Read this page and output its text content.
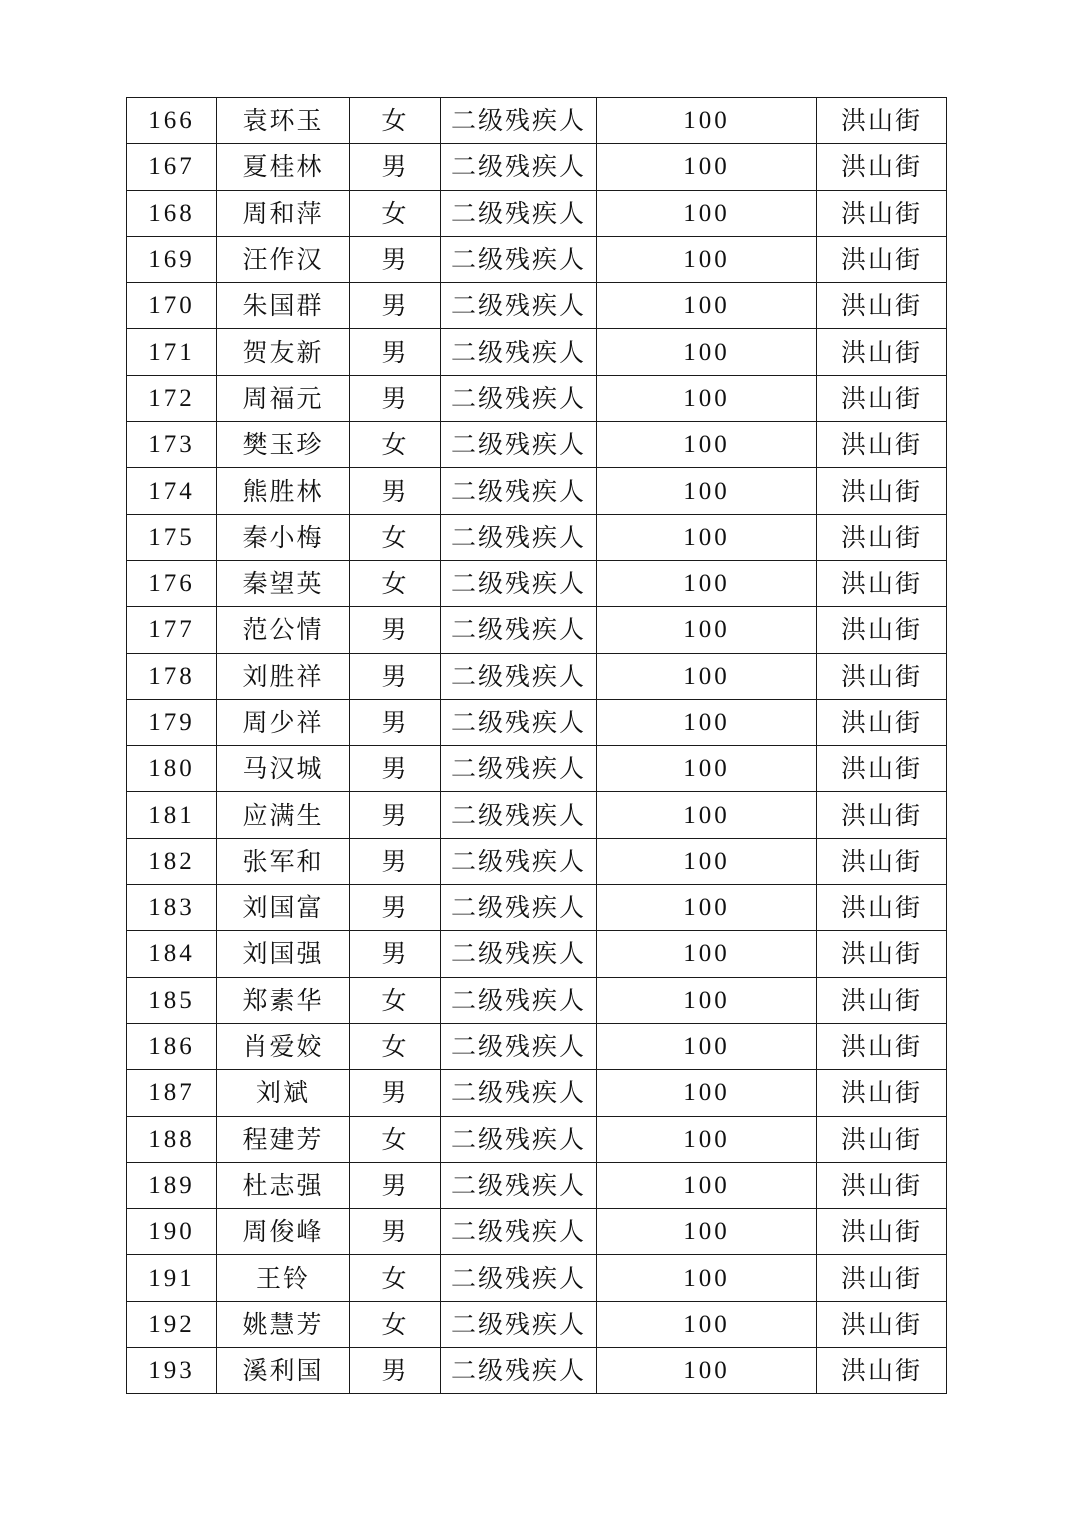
166	袁环玉	女	二级残疾人	100	洪山街
167	夏桂林	男	二级残疾人	100	洪山街
168	周和萍	女	二级残疾人	100	洪山街
169	汪作汉	男	二级残疾人	100	洪山街
170	朱国群	男	二级残疾人	100	洪山街
171	贺友新	男	二级残疾人	100	洪山街
172	周福元	男	二级残疾人	100	洪山街
173	樊玉珍	女	二级残疾人	100	洪山街
174	熊胜林	男	二级残疾人	100	洪山街
175	秦小梅	女	二级残疾人	100	洪山街
176	秦望英	女	二级残疾人	100	洪山街
177	范公情	男	二级残疾人	100	洪山街
178	刘胜祥	男	二级残疾人	100	洪山街
179	周少祥	男	二级残疾人	100	洪山街
180	马汉城	男	二级残疾人	100	洪山街
181	应满生	男	二级残疾人	100	洪山街
182	张军和	男	二级残疾人	100	洪山街
183	刘国富	男	二级残疾人	100	洪山街
184	刘国强	男	二级残疾人	100	洪山街
185	郑素华	女	二级残疾人	100	洪山街
186	肖爱姣	女	二级残疾人	100	洪山街
187	刘斌	男	二级残疾人	100	洪山街
188	程建芳	女	二级残疾人	100	洪山街
189	杜志强	男	二级残疾人	100	洪山街
190	周俊峰	男	二级残疾人	100	洪山街
191	王铃	女	二级残疾人	100	洪山街
192	姚慧芳	女	二级残疾人	100	洪山街
193	溪利国	男	二级残疾人	100	洪山街
